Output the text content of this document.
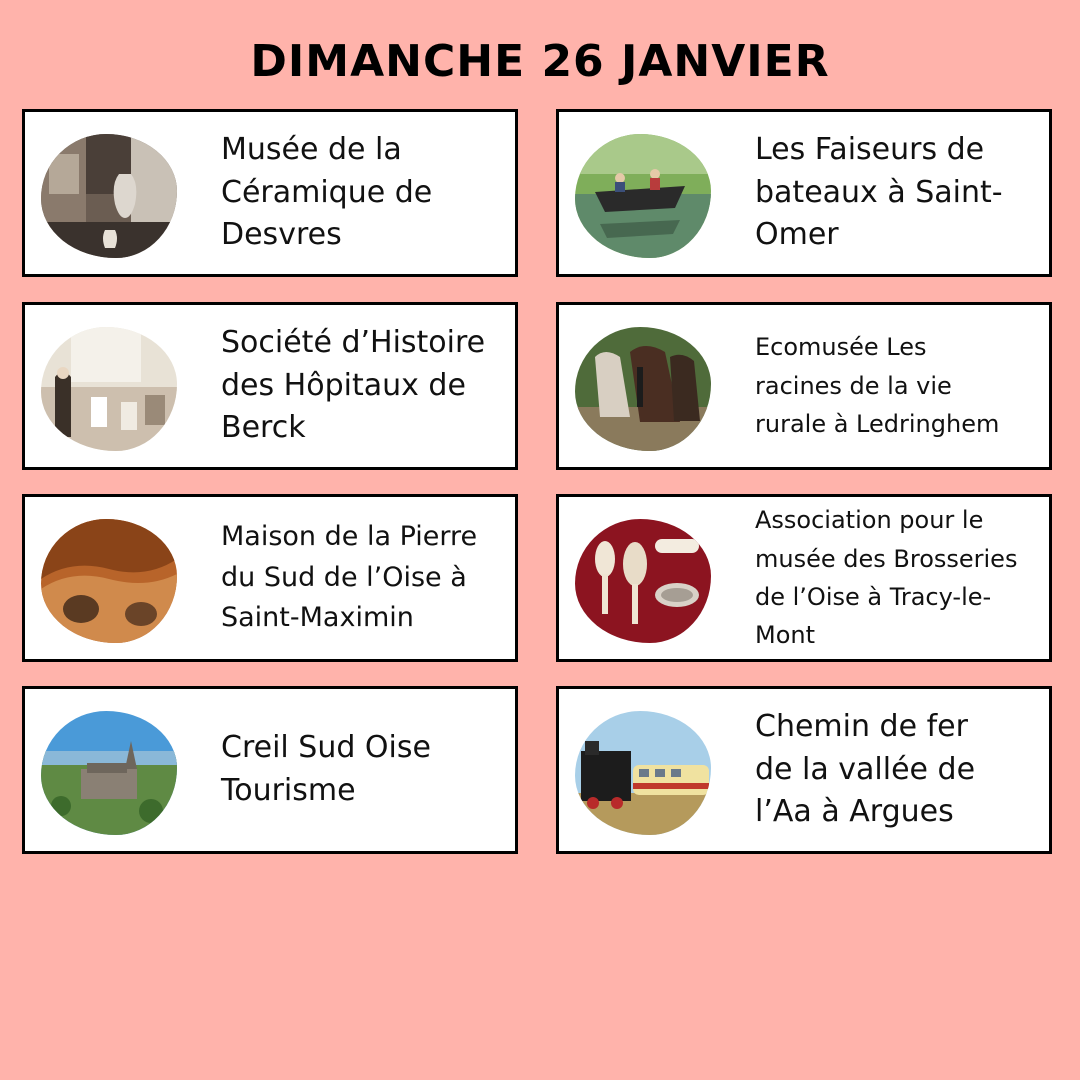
DIMANCHE 26 JANVIER
Musée de la
Céramique de
Desvres
Les Faiseurs de
bateaux à Saint-
Omer
Société d’Histoire
des Hôpitaux de
Berck
Ecomusée Les
racines de la vie
rurale à Ledringhem
Maison de la Pierre
du Sud de l’Oise à
Saint-Maximin
Association pour le
musée des Brosseries
de l’Oise à Tracy-le-
Mont
Creil Sud Oise
Tourisme
Chemin de fer
de la vallée de
l’Aa à Argues
